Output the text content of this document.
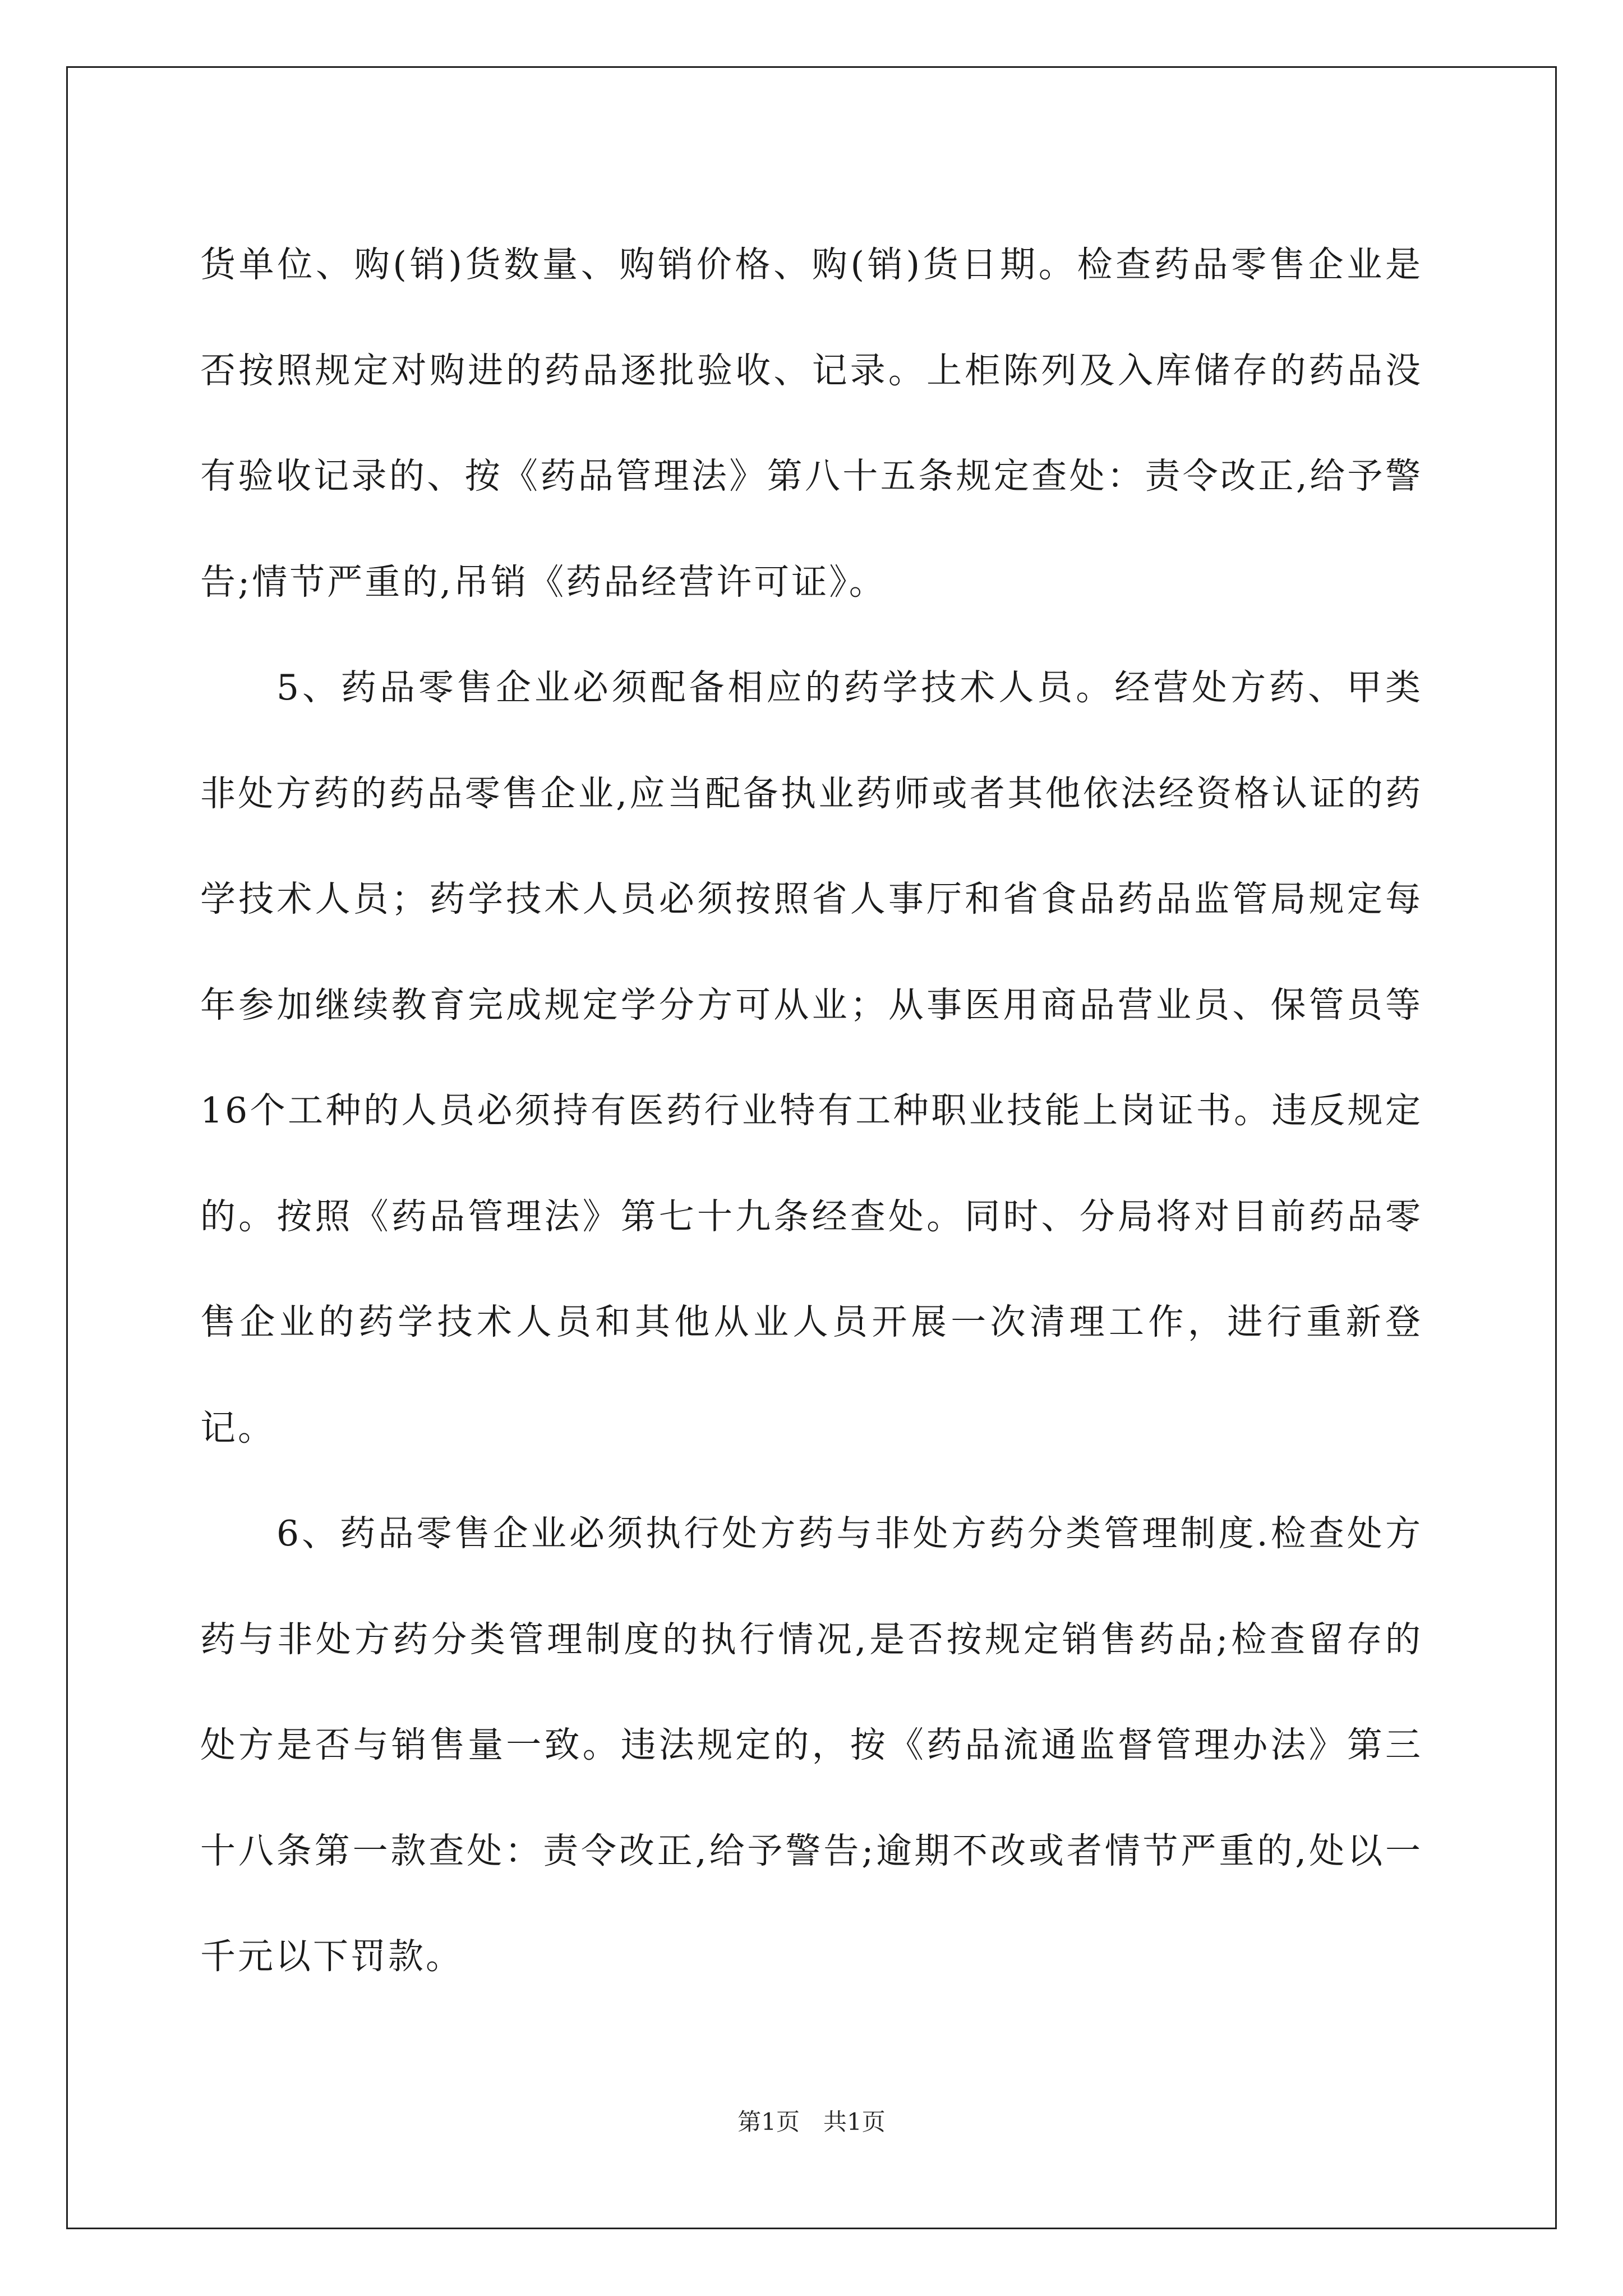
货单位、购(销)货数量、购销价格、购(销)货日期。检查药品零售企业是否按照规定对购进的药品逐批验收、记录。上柜陈列及入库储存的药品没有验收记录的、按《药品管理法》第八十五条规定查处：责令改正,给予警告;情节严重的,吊销《药品经营许可证》。

5、药品零售企业必须配备相应的药学技术人员。经营处方药、甲类非处方药的药品零售企业,应当配备执业药师或者其他依法经资格认证的药学技术人员；药学技术人员必须按照省人事厅和省食品药品监管局规定每年参加继续教育完成规定学分方可从业；从事医用商品营业员、保管员等16个工种的人员必须持有医药行业特有工种职业技能上岗证书。违反规定的。按照《药品管理法》第七十九条经查处。同时、分局将对目前药品零售企业的药学技术人员和其他从业人员开展一次清理工作，进行重新登记。

6、药品零售企业必须执行处方药与非处方药分类管理制度.检查处方药与非处方药分类管理制度的执行情况,是否按规定销售药品;检查留存的处方是否与销售量一致。违法规定的，按《药品流通监督管理办法》第三十八条第一款查处：责令改正,给予警告;逾期不改或者情节严重的,处以一千元以下罚款。

第1页　共1页
